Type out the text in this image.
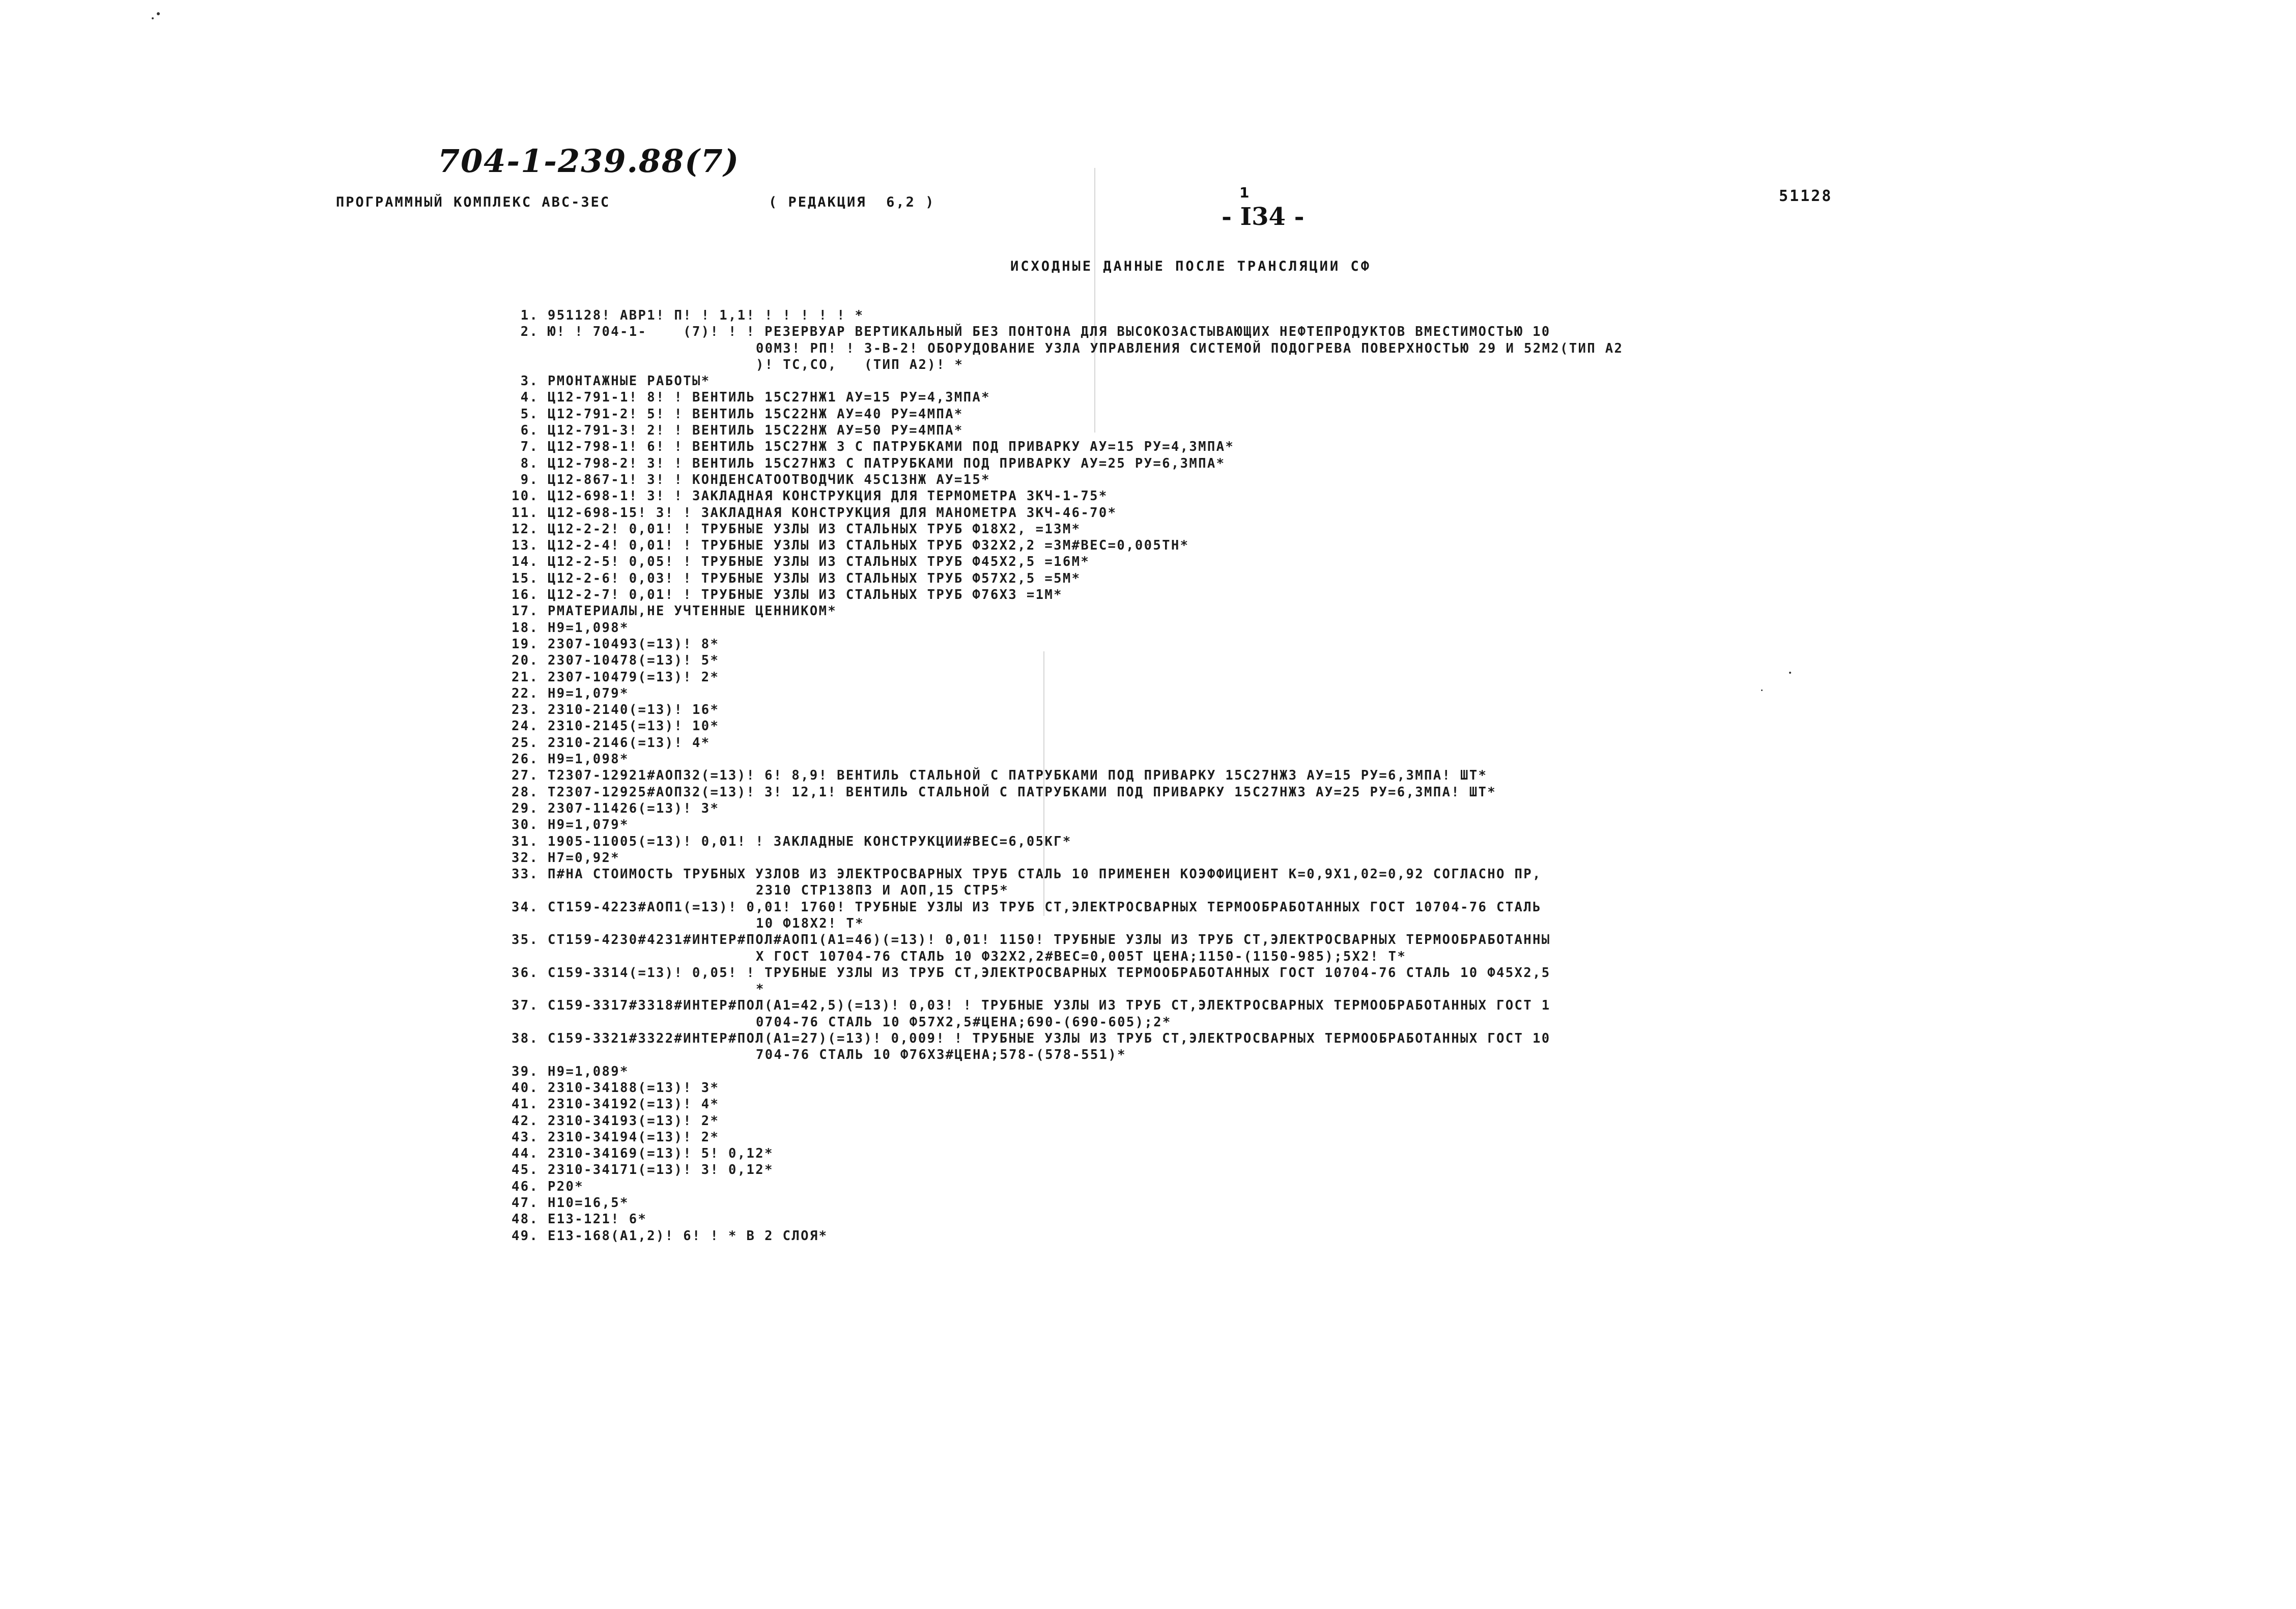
704-1-239.88(7)
ПРОГРАММНЫЙ КОМПЛЕКС АВС-ЗЕС	( РЕДАКЦИЯ  6,2 )
1
- I34 -
51128
ИСХОДНЫЕ ДАННЫЕ ПОСЛЕ ТРАНСЛЯЦИИ СФ
1. 951128! АВР1! П! ! 1,1! ! ! ! ! ! *
2. Ю! ! 704-1-    (7)! ! ! РЕЗЕРВУАР ВЕРТИКАЛЬНЫЙ БЕЗ ПОНТОНА ДЛЯ ВЫСОКОЗАСТЫВАЮЩИХ НЕФТЕПРОДУКТОВ ВМЕСТИМОСТЬЮ 10
00МЗ! РП! ! З-В-2! ОБОРУДОВАНИЕ УЗЛА УПРАВЛЕНИЯ СИСТЕМОЙ ПОДОГРЕВА ПОВЕРХНОСТЬЮ 29 И 52М2(ТИП А2
)! ТС,СО,   (ТИП А2)! *
3. РМОНТАЖНЫЕ РАБОТЫ*
4. Ц12-791-1! 8! ! ВЕНТИЛЬ 15С27НЖ1 АУ=15 РУ=4,ЗМПА*
5. Ц12-791-2! 5! ! ВЕНТИЛЬ 15С22НЖ АУ=40 РУ=4МПА*
6. Ц12-791-3! 2! ! ВЕНТИЛЬ 15С22НЖ АУ=50 РУ=4МПА*
7. Ц12-798-1! 6! ! ВЕНТИЛЬ 15С27НЖ З С ПАТРУБКАМИ ПОД ПРИВАРКУ АУ=15 РУ=4,ЗМПА*
8. Ц12-798-2! 3! ! ВЕНТИЛЬ 15С27НЖЗ С ПАТРУБКАМИ ПОД ПРИВАРКУ АУ=25 РУ=6,ЗМПА*
9. Ц12-867-1! 3! ! КОНДЕНСАТООТВОДЧИК 45С13НЖ АУ=15*
10. Ц12-698-1! 3! ! ЗАКЛАДНАЯ КОНСТРУКЦИЯ ДЛЯ ТЕРМОМЕТРА ЗКЧ-1-75*
11. Ц12-698-15! 3! ! ЗАКЛАДНАЯ КОНСТРУКЦИЯ ДЛЯ МАНОМЕТРА ЗКЧ-46-70*
12. Ц12-2-2! 0,01! ! ТРУБНЫЕ УЗЛЫ ИЗ СТАЛЬНЫХ ТРУБ Ф18Х2, =13М*
13. Ц12-2-4! 0,01! ! ТРУБНЫЕ УЗЛЫ ИЗ СТАЛЬНЫХ ТРУБ Ф32Х2,2 =ЗМ#ВЕС=0,005ТН*
14. Ц12-2-5! 0,05! ! ТРУБНЫЕ УЗЛЫ ИЗ СТАЛЬНЫХ ТРУБ Ф45Х2,5 =16М*
15. Ц12-2-6! 0,03! ! ТРУБНЫЕ УЗЛЫ ИЗ СТАЛЬНЫХ ТРУБ Ф57Х2,5 =5М*
16. Ц12-2-7! 0,01! ! ТРУБНЫЕ УЗЛЫ ИЗ СТАЛЬНЫХ ТРУБ Ф76Х3 =1М*
17. РМАТЕРИАЛЫ,НЕ УЧТЕННЫЕ ЦЕННИКОМ*
18. Н9=1,098*
19. 2307-10493(=13)! 8*
20. 2307-10478(=13)! 5*
21. 2307-10479(=13)! 2*
22. Н9=1,079*
23. 2310-2140(=13)! 16*
24. 2310-2145(=13)! 10*
25. 2310-2146(=13)! 4*
26. Н9=1,098*
27. Т2307-12921#АОП32(=13)! 6! 8,9! ВЕНТИЛЬ СТАЛЬНОЙ С ПАТРУБКАМИ ПОД ПРИВАРКУ 15С27НЖЗ АУ=15 РУ=6,ЗМПА! ШТ*
28. Т2307-12925#АОП32(=13)! 3! 12,1! ВЕНТИЛЬ СТАЛЬНОЙ С ПАТРУБКАМИ ПОД ПРИВАРКУ 15С27НЖЗ АУ=25 РУ=6,ЗМПА! ШТ*
29. 2307-11426(=13)! 3*
30. Н9=1,079*
31. 1905-11005(=13)! 0,01! ! ЗАКЛАДНЫЕ КОНСТРУКЦИИ#ВЕС=6,05КГ*
32. Н7=0,92*
33. П#НА СТОИМОСТЬ ТРУБНЫХ УЗЛОВ ИЗ ЭЛЕКТРОСВАРНЫХ ТРУБ СТАЛЬ 10 ПРИМЕНЕН КОЭФФИЦИЕНТ К=0,9Х1,02=0,92 СОГЛАСНО ПР,
2310 СТР138ПЗ И АОП,15 СТР5*
34. СТ159-4223#АОП1(=13)! 0,01! 1760! ТРУБНЫЕ УЗЛЫ ИЗ ТРУБ СТ,ЭЛЕКТРОСВАРНЫХ ТЕРМООБРАБОТАННЫХ ГОСТ 10704-76 СТАЛЬ
10 Ф18Х2! Т*
35. СТ159-4230#4231#ИНТЕР#ПОЛ#АОП1(А1=46)(=13)! 0,01! 1150! ТРУБНЫЕ УЗЛЫ ИЗ ТРУБ СТ,ЭЛЕКТРОСВАРНЫХ ТЕРМООБРАБОТАННЫ
Х ГОСТ 10704-76 СТАЛЬ 10 Ф32Х2,2#ВЕС=0,005Т ЦЕНА;1150-(1150-985);5Х2! Т*
36. С159-3314(=13)! 0,05! ! ТРУБНЫЕ УЗЛЫ ИЗ ТРУБ СТ,ЭЛЕКТРОСВАРНЫХ ТЕРМООБРАБОТАННЫХ ГОСТ 10704-76 СТАЛЬ 10 Ф45Х2,5
*
37. С159-3317#3318#ИНТЕР#ПОЛ(А1=42,5)(=13)! 0,03! ! ТРУБНЫЕ УЗЛЫ ИЗ ТРУБ СТ,ЭЛЕКТРОСВАРНЫХ ТЕРМООБРАБОТАННЫХ ГОСТ 1
0704-76 СТАЛЬ 10 Ф57Х2,5#ЦЕНА;690-(690-605);2*
38. С159-3321#3322#ИНТЕР#ПОЛ(А1=27)(=13)! 0,009! ! ТРУБНЫЕ УЗЛЫ ИЗ ТРУБ СТ,ЭЛЕКТРОСВАРНЫХ ТЕРМООБРАБОТАННЫХ ГОСТ 10
704-76 СТАЛЬ 10 Ф76Х3#ЦЕНА;578-(578-551)*
39. Н9=1,089*
40. 2310-34188(=13)! 3*
41. 2310-34192(=13)! 4*
42. 2310-34193(=13)! 2*
43. 2310-34194(=13)! 2*
44. 2310-34169(=13)! 5! 0,12*
45. 2310-34171(=13)! 3! 0,12*
46. Р20*
47. Н10=16,5*
48. Е13-121! 6*
49. Е13-168(А1,2)! 6! ! * В 2 СЛОЯ*
